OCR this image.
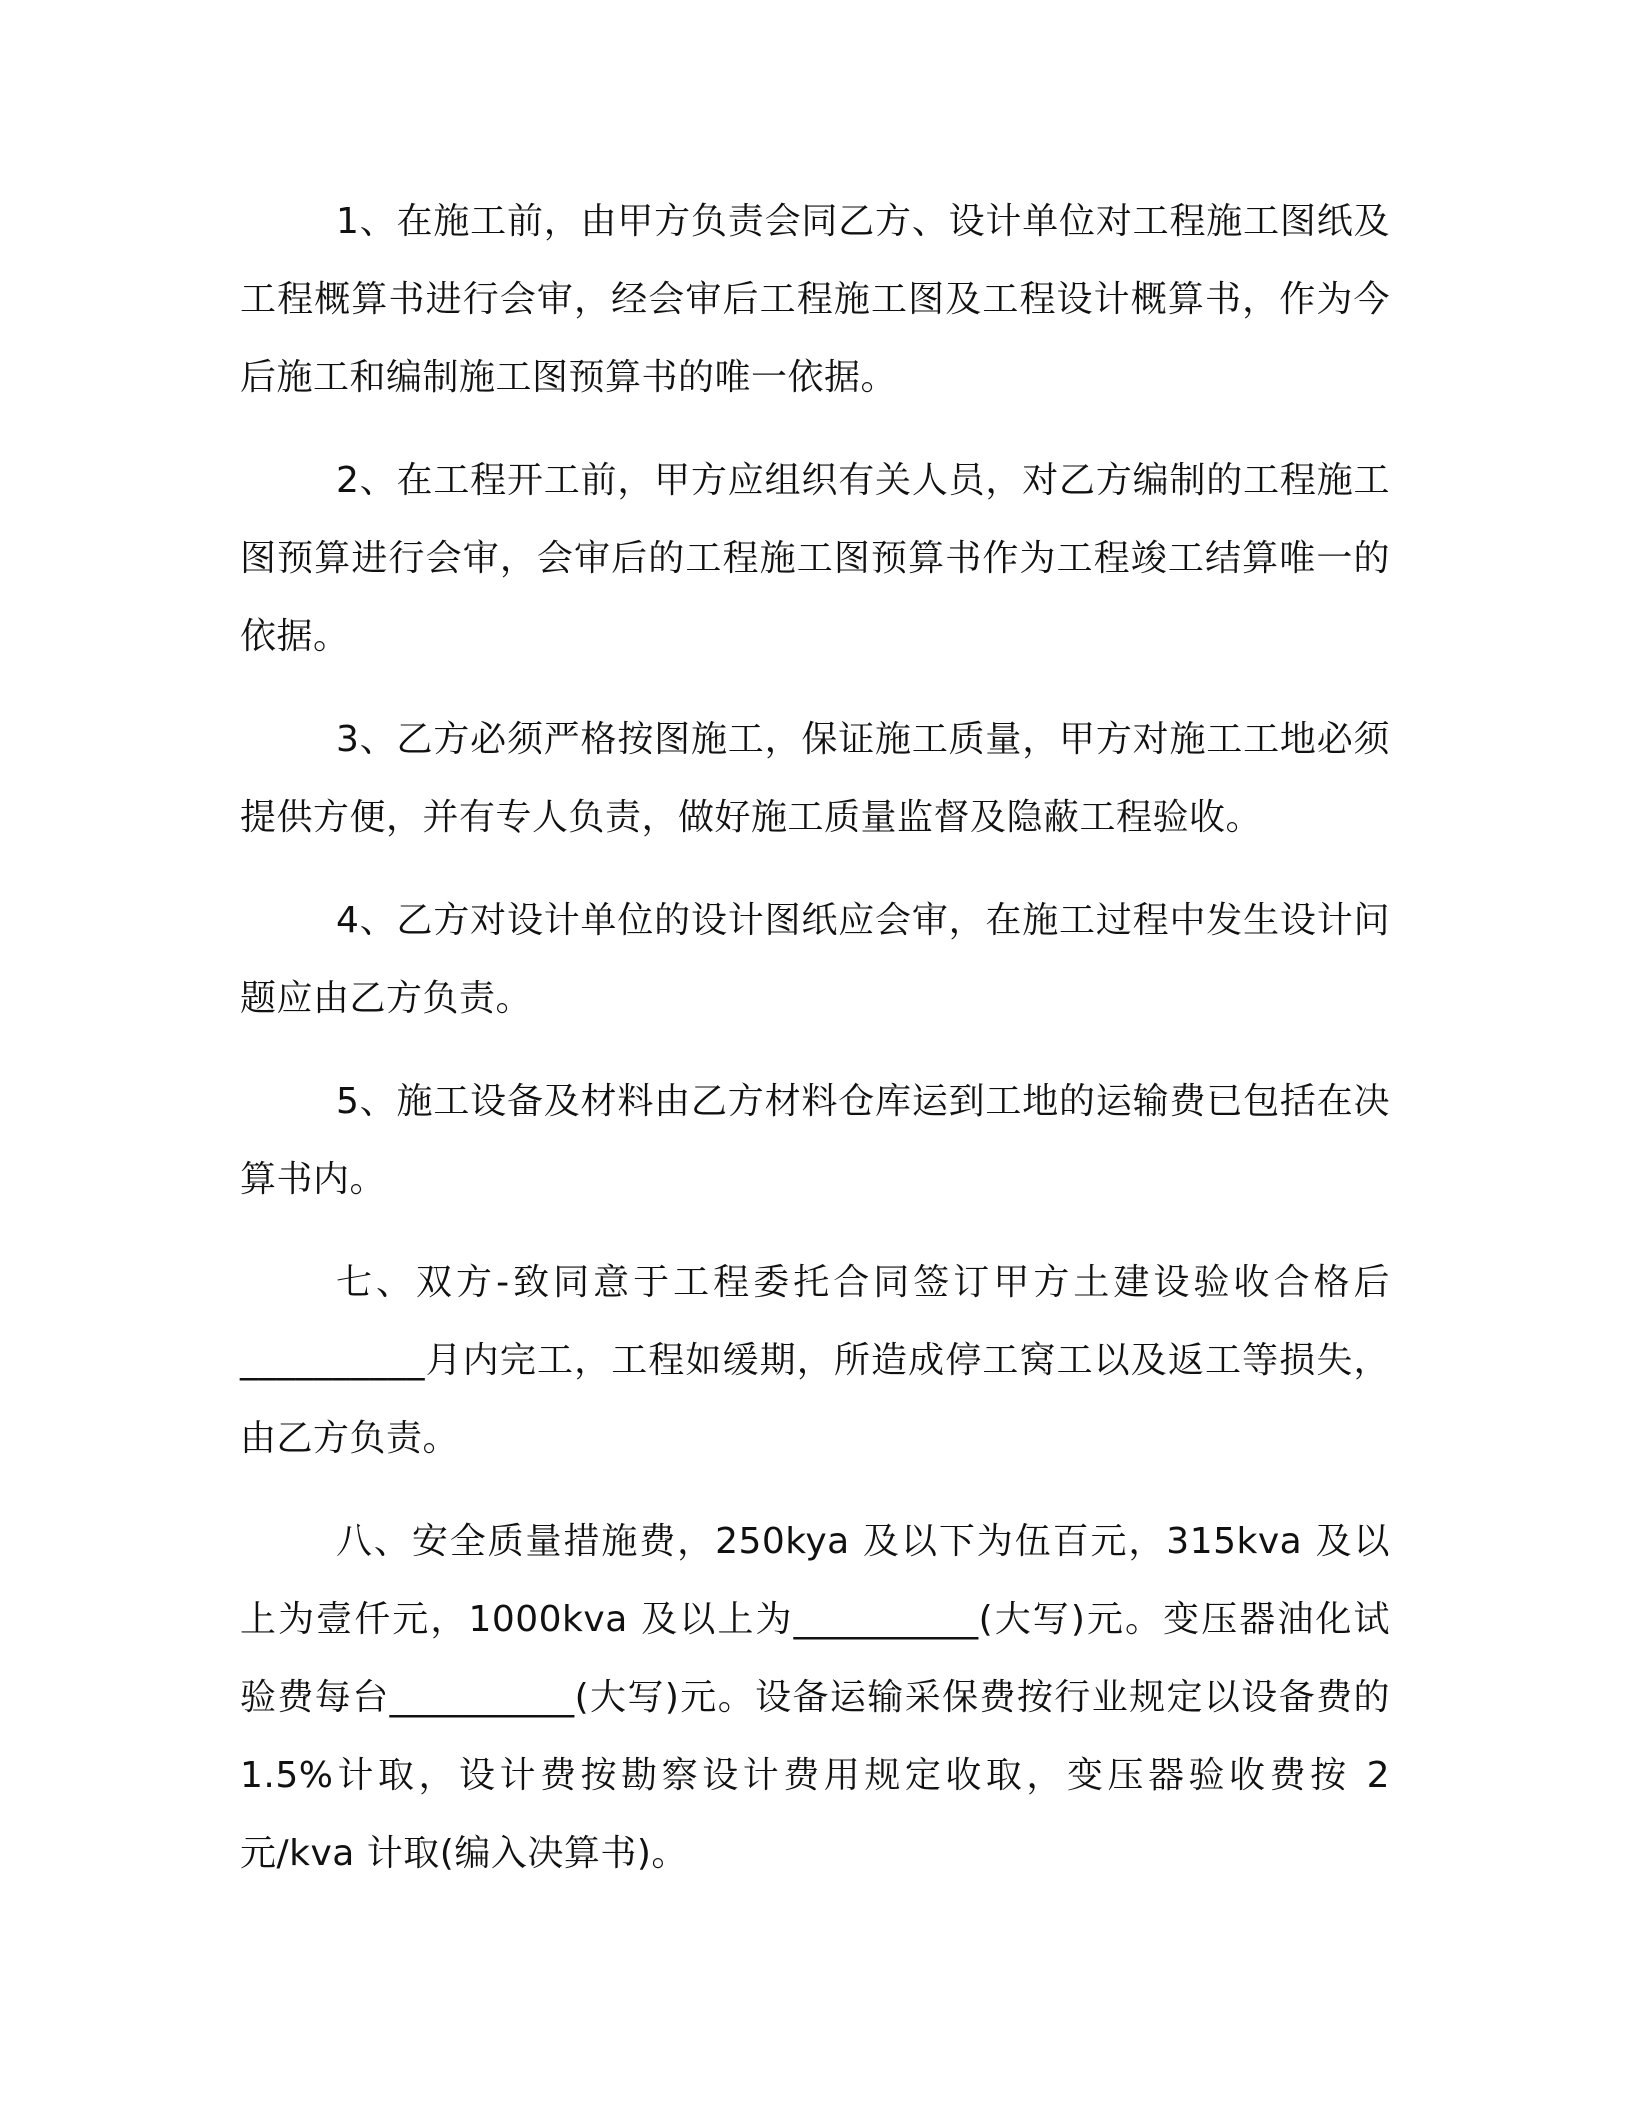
1、在施工前，由甲方负责会同乙方、设计单位对工程施工图纸及工程概算书进行会审，经会审后工程施工图及工程设计概算书，作为今后施工和编制施工图预算书的唯一依据。

2、在工程开工前，甲方应组织有关人员，对乙方编制的工程施工图预算进行会审，会审后的工程施工图预算书作为工程竣工结算唯一的依据。

3、乙方必须严格按图施工，保证施工质量，甲方对施工工地必须提供方便，并有专人负责，做好施工质量监督及隐蔽工程验收。

4、乙方对设计单位的设计图纸应会审，在施工过程中发生设计问题应由乙方负责。

5、施工设备及材料由乙方材料仓库运到工地的运输费已包括在决算书内。

七、双方-致同意于工程委托合同签订甲方土建设验收合格后__________月内完工，工程如缓期，所造成停工窝工以及返工等损失，由乙方负责。

八、安全质量措施费，250kya 及以下为伍百元，315kva 及以上为壹仟元，1000kva 及以上为__________(大写)元。变压器油化试验费每台__________(大写)元。设备运输采保费按行业规定以设备费的1.5%计取，设计费按勘察设计费用规定收取，变压器验收费按 2 元/kva 计取(编入决算书)。
